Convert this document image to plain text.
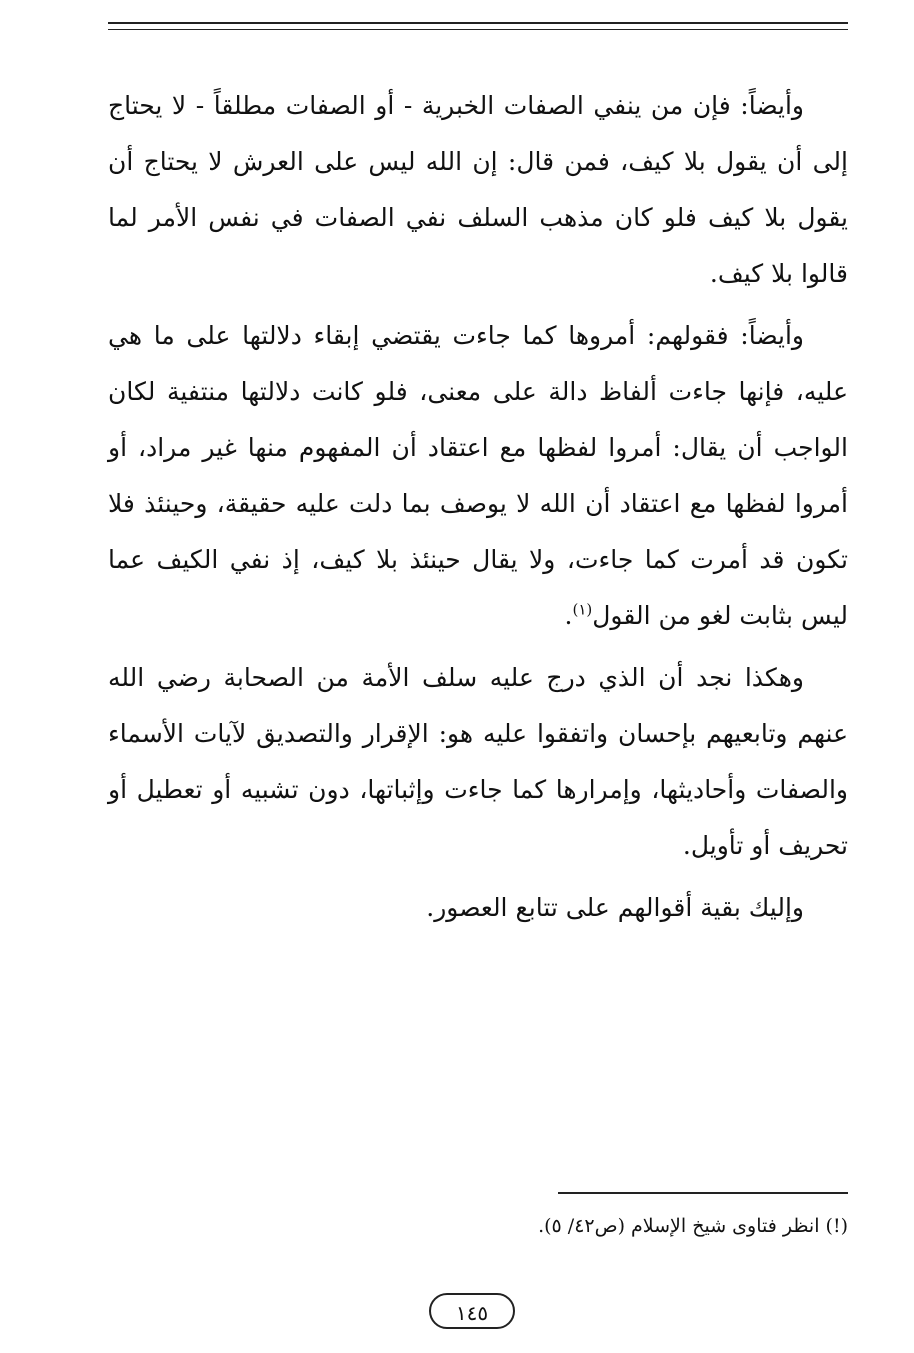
وأيضاً: فإن من ينفي الصفات الخبرية - أو الصفات مطلقاً - لا يحتاج إلى أن يقول بلا كيف، فمن قال: إن الله ليس على العرش لا يحتاج أن يقول بلا كيف فلو كان مذهب السلف نفي الصفات في نفس الأمر لما قالوا بلا كيف.

وأيضاً: فقولهم: أمروها كما جاءت يقتضي إبقاء دلالتها على ما هي عليه، فإنها جاءت ألفاظ دالة على معنى، فلو كانت دلالتها منتفية لكان الواجب أن يقال: أمروا لفظها مع اعتقاد أن المفهوم منها غير مراد، أو أمروا لفظها مع اعتقاد أن الله لا يوصف بما دلت عليه حقيقة، وحينئذ فلا تكون قد أمرت كما جاءت، ولا يقال حينئذ بلا كيف، إذ نفي الكيف عما ليس بثابت لغو من القول$^{(١)}$.

وهكذا نجد أن الذي درج عليه سلف الأمة من الصحابة رضي الله عنهم وتابعيهم بإحسان واتفقوا عليه هو: الإقرار والتصديق لآيات الأسماء والصفات وأحاديثها، وإمرارها كما جاءت وإثباتها، دون تشبيه أو تعطيل أو تحريف أو تأويل.

وإليك بقية أقوالهم على تتابع العصور.

(!) انظر فتاوى شيخ الإسلام (ص٤٢/ ٥).
١٤٥
